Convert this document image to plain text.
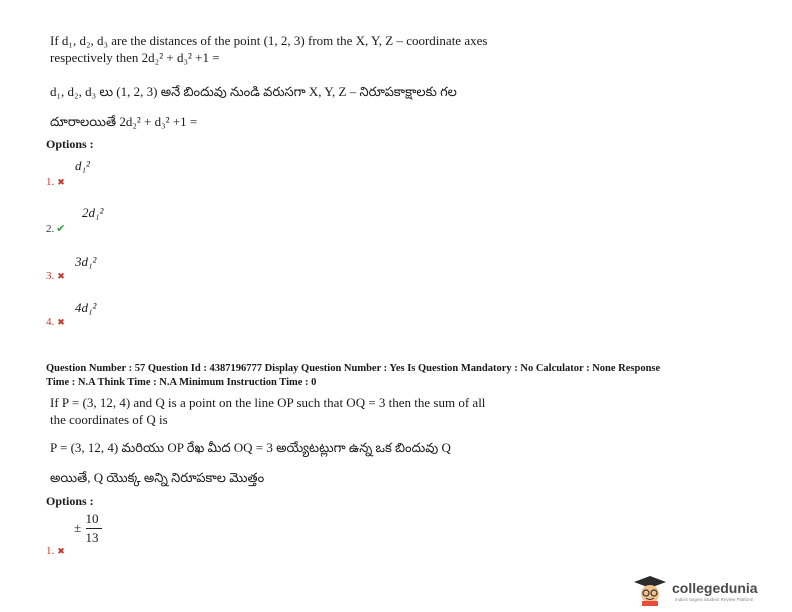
If d₁, d₂, d₃ are the distances of the point (1, 2, 3) from the X, Y, Z – coordinate axes
respectively then 2d₂² + d₃² +1 =
d₁, d₂, d₃ లు (1, 2, 3) అనే బిందువు నుండి వరుసగా X, Y, Z – నిరూపకాక్షాలకు గల
దూరాలయితే 2d₂² + d₃² +1 =
Options :
1. ✖
d₁²
2. ✔
2d₁²
3. ✖
3d₁²
4. ✖
4d₁²
Question Number : 57 Question Id : 4387196777 Display Question Number : Yes Is Question Mandatory : No Calculator : None Response
Time : N.A Think Time : N.A Minimum Instruction Time : 0
If P = (3, 12, 4) and Q is a point on the line OP such that OQ = 3 then the sum of all
the coordinates of Q is
P = (3, 12, 4) మరియు OP రేఖ మీద OQ = 3 అయ్యేటట్లుగా ఉన్న ఒక బిందువు Q
అయితే, Q యొక్క అన్ని నిరూపకాల మొత్తం
Options :
1. ✖
±
10
13
collegedunia
India's largest Student Review Platform
